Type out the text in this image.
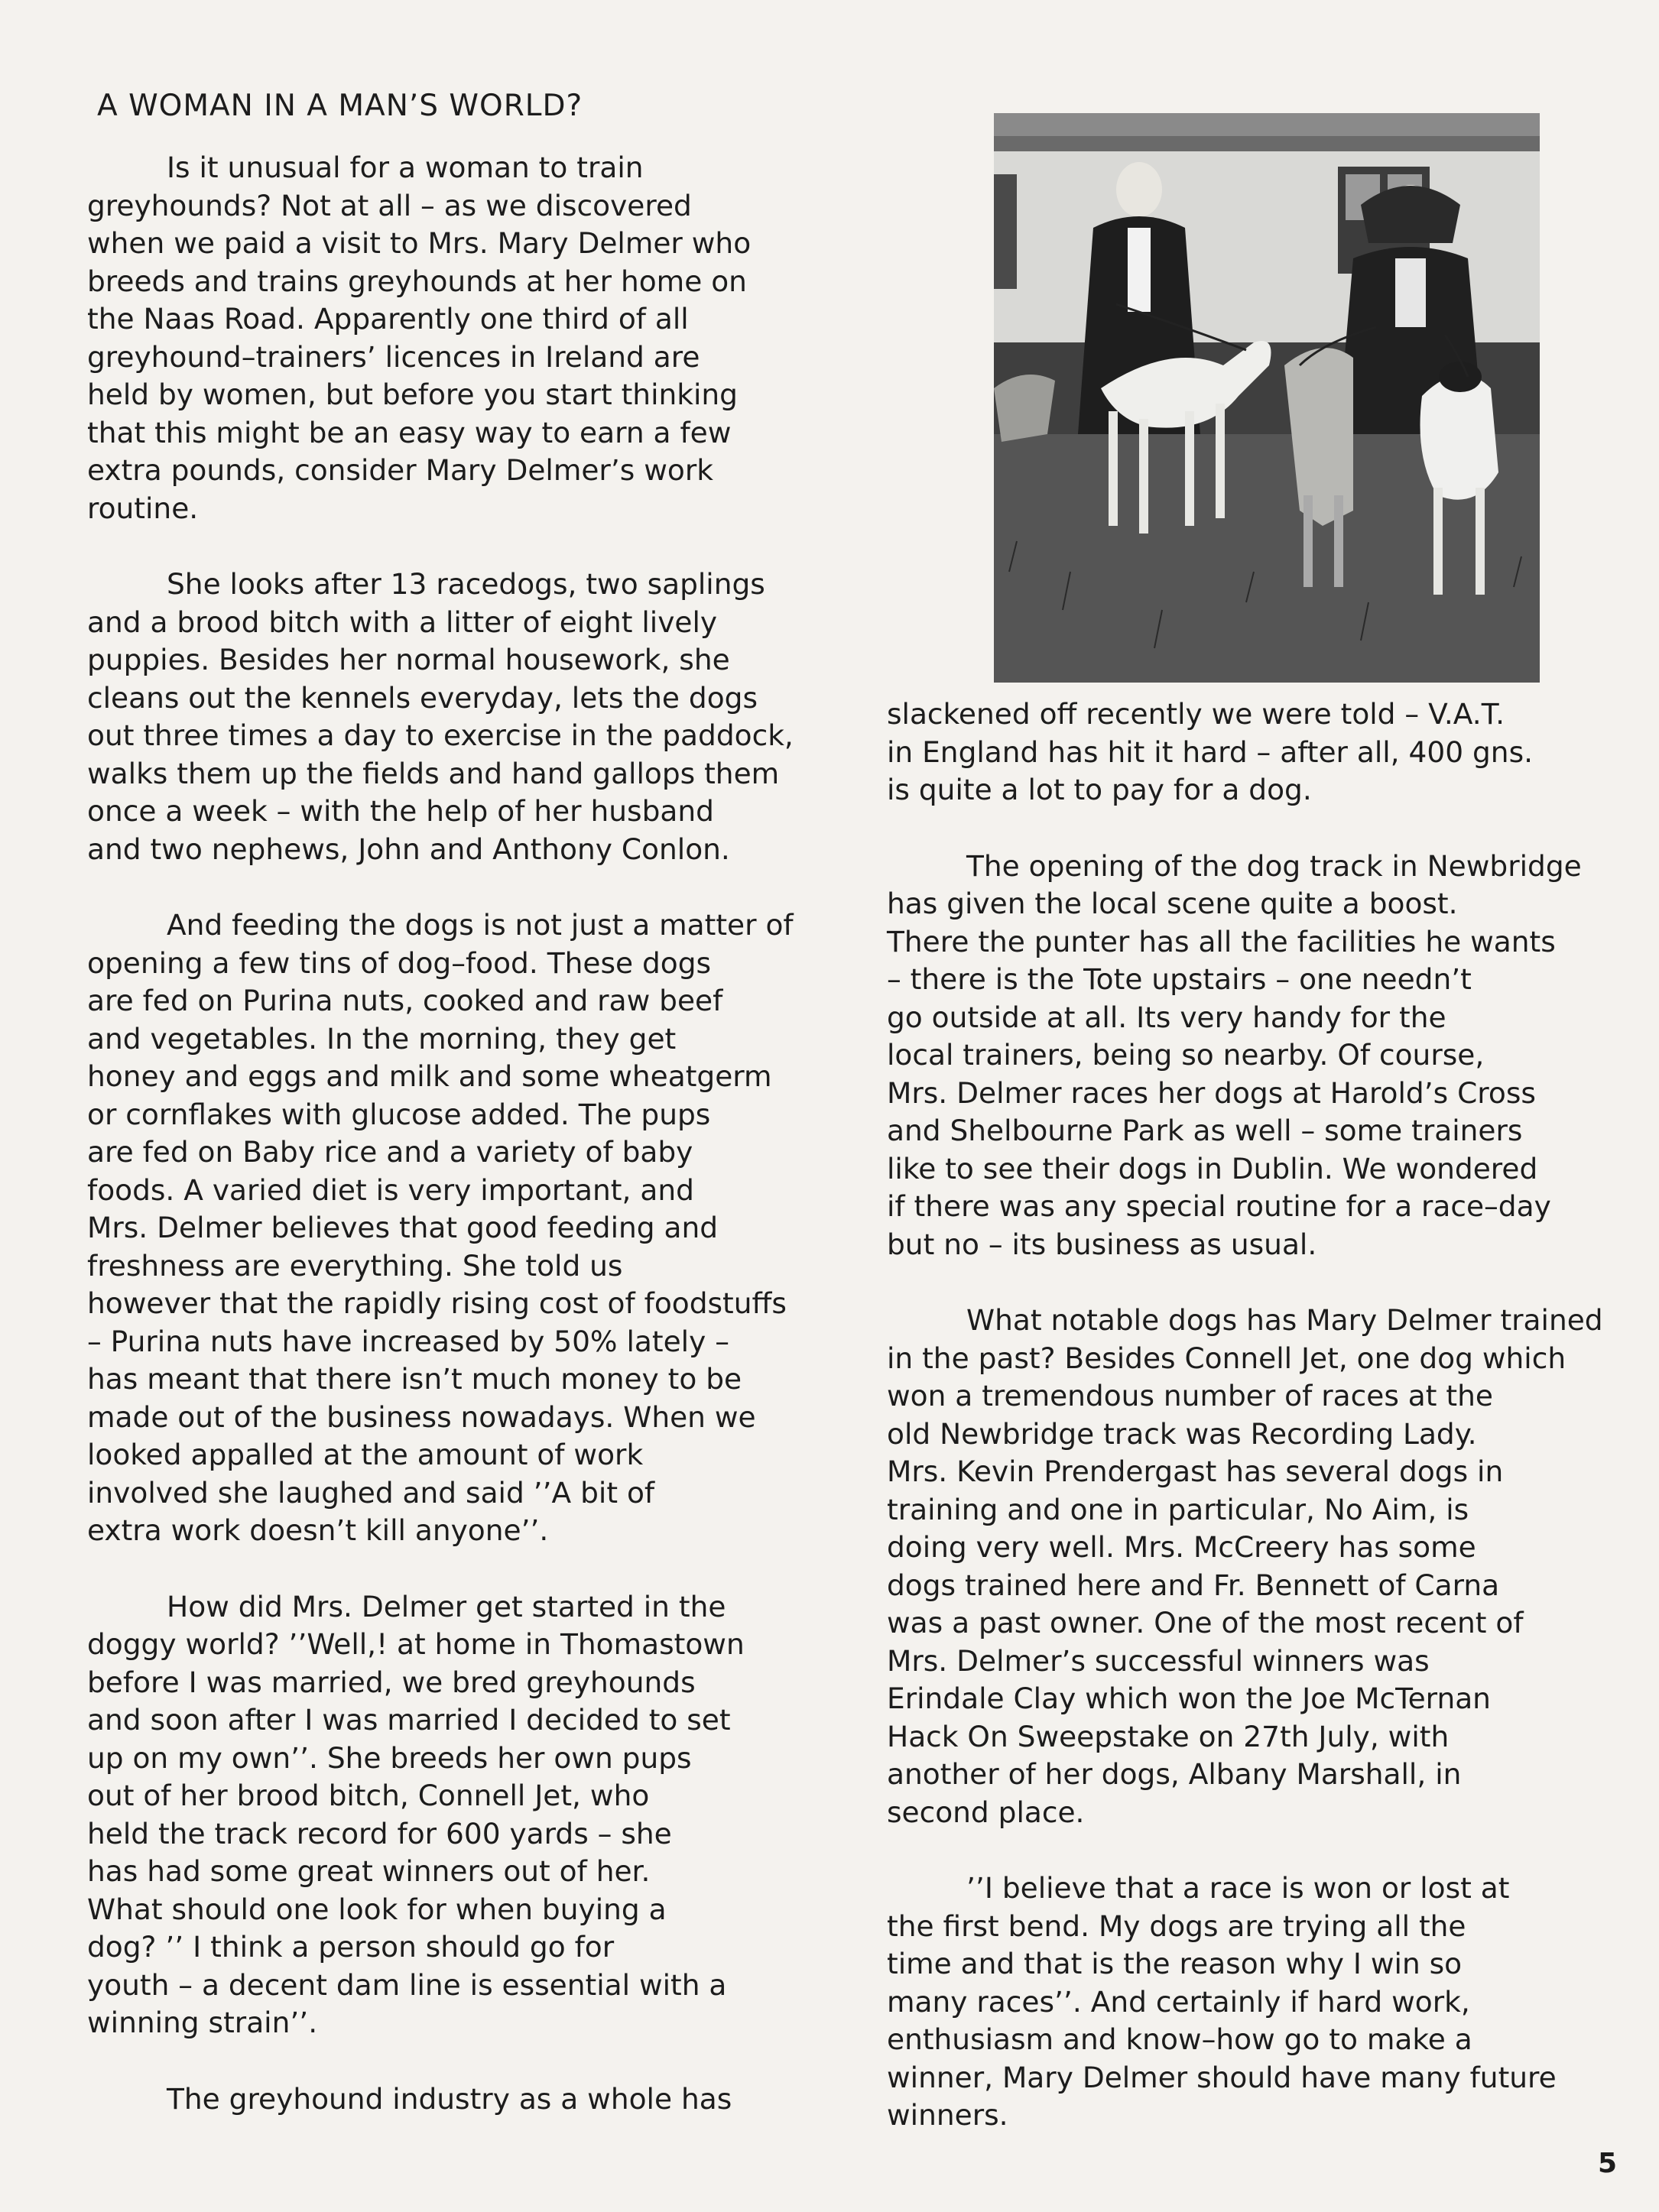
A WOMAN IN A MAN’S WORLD?

Is it unusual for a woman to train
greyhounds? Not at all – as we discovered
when we paid a visit to Mrs. Mary Delmer who
breeds and trains greyhounds at her home on
the Naas Road. Apparently one third of all
greyhound–trainers’ licences in Ireland are
held by women, but before you start thinking
that this might be an easy way to earn a few
extra pounds, consider Mary Delmer’s work
routine.

She looks after 13 racedogs, two saplings
and a brood bitch with a litter of eight lively
puppies. Besides her normal housework, she
cleans out the kennels everyday, lets the dogs
out three times a day to exercise in the paddock,
walks them up the fields and hand gallops them
once a week – with the help of her husband
and two nephews, John and Anthony Conlon.

And feeding the dogs is not just a matter of
opening a few tins of dog–food. These dogs
are fed on Purina nuts, cooked and raw beef
and vegetables. In the morning, they get
honey and eggs and milk and some wheatgerm
or cornflakes with glucose added. The pups
are fed on Baby rice and a variety of baby
foods. A varied diet is very important, and
Mrs. Delmer believes that good feeding and
freshness are everything. She told us
however that the rapidly rising cost of foodstuffs
– Purina nuts have increased by 50% lately –
has meant that there isn’t much money to be
made out of the business nowadays. When we
looked appalled at the amount of work
involved she laughed and said ’’A bit of
extra work doesn’t kill anyone’’.

How did Mrs. Delmer get started in the
doggy world? ’’Well,! at home in Thomastown
before I was married, we bred greyhounds
and soon after I was married I decided to set
up on my own’’. She breeds her own pups
out of her brood bitch, Connell Jet, who
held the track record for 600 yards – she
has had some great winners out of her.
What should one look for when buying a
dog? ’’ I think a person should go for
youth – a decent dam line is essential with a
winning strain’’.

The greyhound industry as a whole has

slackened off recently we were told – V.A.T.
in England has hit it hard – after all, 400 gns.
is quite a lot to pay for a dog.

The opening of the dog track in Newbridge
has given the local scene quite a boost.
There the punter has all the facilities he wants
– there is the Tote upstairs – one needn’t
go outside at all. Its very handy for the
local trainers, being so nearby. Of course,
Mrs. Delmer races her dogs at Harold’s Cross
and Shelbourne Park as well – some trainers
like to see their dogs in Dublin. We wondered
if there was any special routine for a race–day
but no – its business as usual.

What notable dogs has Mary Delmer trained
in the past? Besides Connell Jet, one dog which
won a tremendous number of races at the
old Newbridge track was Recording Lady.
Mrs. Kevin Prendergast has several dogs in
training and one in particular, No Aim, is
doing very well. Mrs. McCreery has some
dogs trained here and Fr. Bennett of Carna
was a past owner. One of the most recent of
Mrs. Delmer’s successful winners was
Erindale Clay which won the Joe McTernan
Hack On Sweepstake on 27th July, with
another of her dogs, Albany Marshall, in
second place.

’’I believe that a race is won or lost at
the first bend. My dogs are trying all the
time and that is the reason why I win so
many races’’. And certainly if hard work,
enthusiasm and know–how go to make a
winner, Mary Delmer should have many future
winners.

5
